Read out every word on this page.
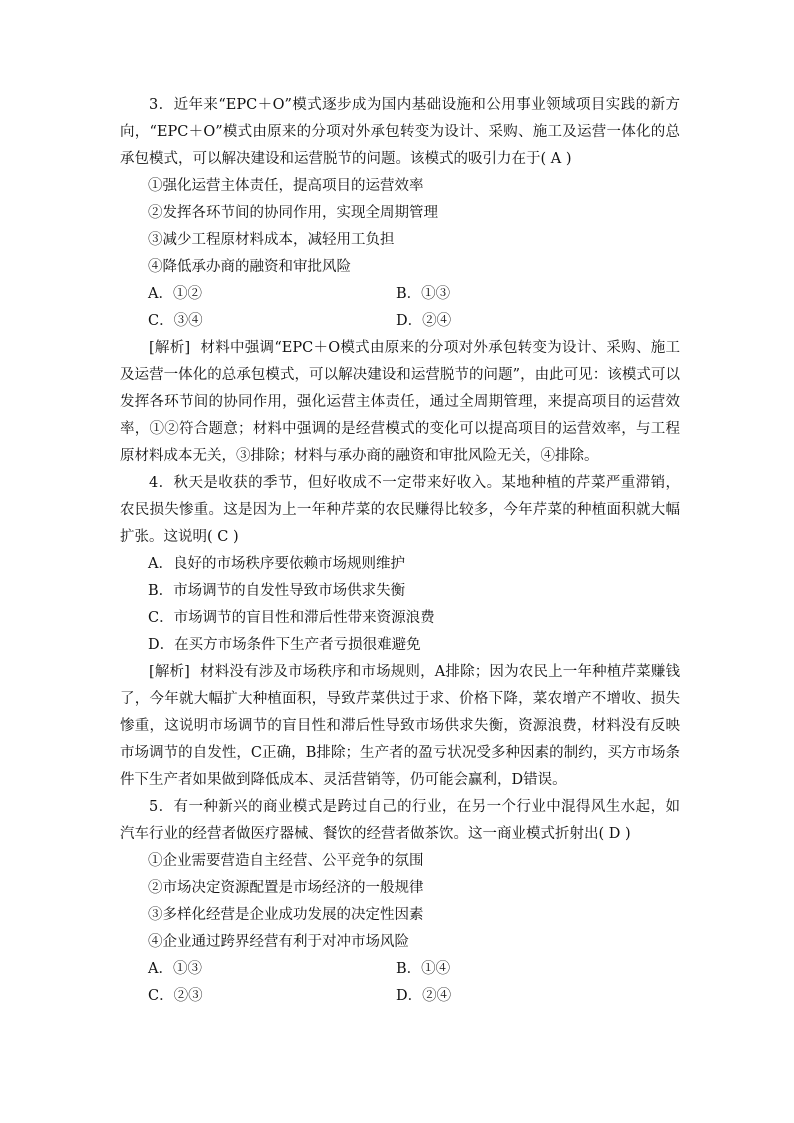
3．近年来“EPC＋O”模式逐步成为国内基础设施和公用事业领域项目实践的新方向，“EPC＋O”模式由原来的分项对外承包转变为设计、采购、施工及运营一体化的总承包模式，可以解决建设和运营脱节的问题。该模式的吸引力在于( A )

①强化运营主体责任，提高项目的运营效率

②发挥各环节间的协同作用，实现全周期管理

③减少工程原材料成本，减轻用工负担

④降低承办商的融资和审批风险

A．①②	B．①③
C．③④	D．②④

[解析] 材料中强调“EPC＋O模式由原来的分项对外承包转变为设计、采购、施工及运营一体化的总承包模式，可以解决建设和运营脱节的问题”，由此可见：该模式可以发挥各环节间的协同作用，强化运营主体责任，通过全周期管理，来提高项目的运营效率，①②符合题意；材料中强调的是经营模式的变化可以提高项目的运营效率，与工程原材料成本无关，③排除；材料与承办商的融资和审批风险无关，④排除。

4．秋天是收获的季节，但好收成不一定带来好收入。某地种植的芹菜严重滞销，农民损失惨重。这是因为上一年种芹菜的农民赚得比较多，今年芹菜的种植面积就大幅扩张。这说明( C )

A．良好的市场秩序要依赖市场规则维护

B．市场调节的自发性导致市场供求失衡

C．市场调节的盲目性和滞后性带来资源浪费

D．在买方市场条件下生产者亏损很难避免

[解析] 材料没有涉及市场秩序和市场规则，A排除；因为农民上一年种植芹菜赚钱了，今年就大幅扩大种植面积，导致芹菜供过于求、价格下降，菜农增产不增收、损失惨重，这说明市场调节的盲目性和滞后性导致市场供求失衡，资源浪费，材料没有反映市场调节的自发性，C正确，B排除；生产者的盈亏状况受多种因素的制约，买方市场条件下生产者如果做到降低成本、灵活营销等，仍可能会赢利，D错误。

5．有一种新兴的商业模式是跨过自己的行业，在另一个行业中混得风生水起，如汽车行业的经营者做医疗器械、餐饮的经营者做茶饮。这一商业模式折射出( D )

①企业需要营造自主经营、公平竞争的氛围

②市场决定资源配置是市场经济的一般规律

③多样化经营是企业成功发展的决定性因素

④企业通过跨界经营有利于对冲市场风险

A．①③	B．①④
C．②③	D．②④
